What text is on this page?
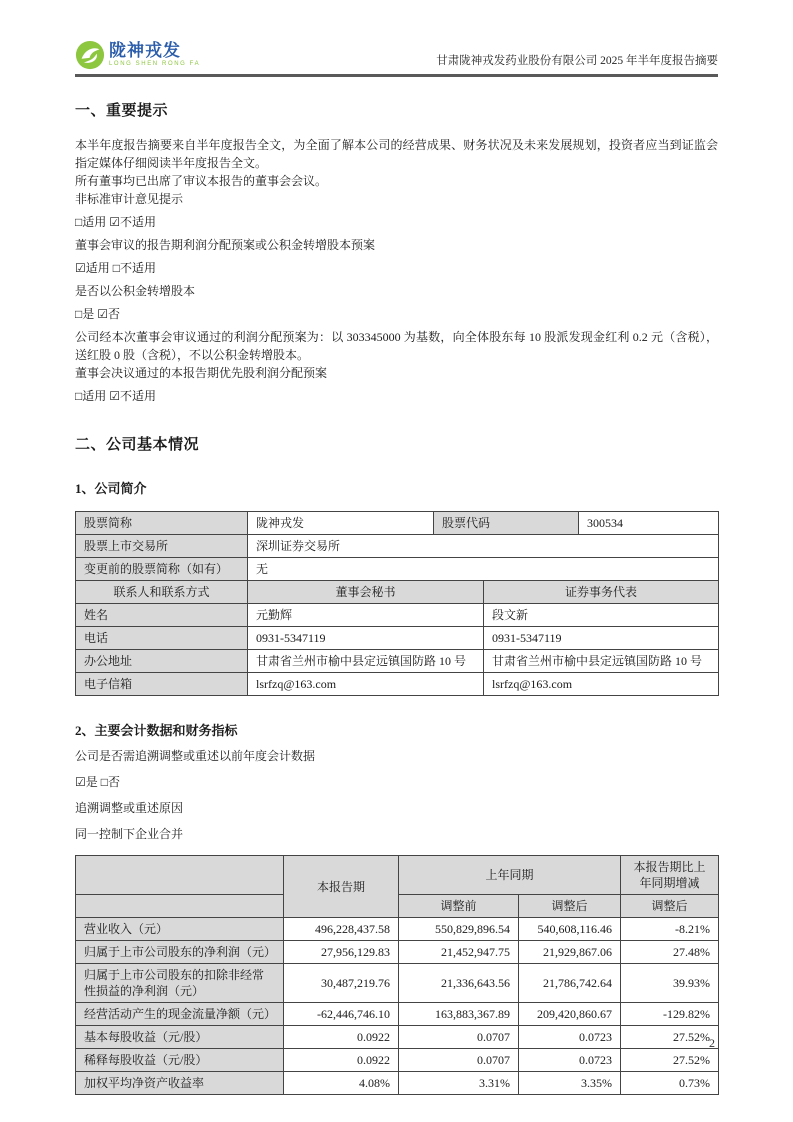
陇神戎发
LONG SHEN RONG FA	甘肃陇神戎发药业股份有限公司 2025 年半年度报告摘要
一、重要提示
本半年度报告摘要来自半年度报告全文，为全面了解本公司的经营成果、财务状况及未来发展规划，投资者应当到证监会指定媒体仔细阅读半年度报告全文。
所有董事均已出席了审议本报告的董事会会议。
非标准审计意见提示
□适用 ☑不适用
董事会审议的报告期利润分配预案或公积金转增股本预案
☑适用 □不适用
是否以公积金转增股本
□是 ☑否
公司经本次董事会审议通过的利润分配预案为：以 303345000 为基数，向全体股东每 10 股派发现金红利 0.2 元（含税），送红股 0 股（含税），不以公积金转增股本。
董事会决议通过的本报告期优先股利润分配预案
□适用 ☑不适用
二、公司基本情况
1、公司简介
股票简称	陇神戎发	股票代码		300534
股票上市交易所	深圳证券交易所			
变更前的股票简称（如有）	无			
联系人和联系方式	董事会秘书		证券事务代表	
姓名	元勤辉		段文新	
电话	0931-5347119		0931-5347119	
办公地址	甘肃省兰州市榆中县定远镇国防路 10 号		甘肃省兰州市榆中县定远镇国防路 10 号	
电子信箱	lsrfzq@163.com		lsrfzq@163.com	
2、主要会计数据和财务指标
公司是否需追溯调整或重述以前年度会计数据
☑是 □否
追溯调整或重述原因
同一控制下企业合并
	本报告期	上年同期		本报告期比上年同期增减
		调整前	调整后	调整后
营业收入（元）	496,228,437.58	550,829,896.54	540,608,116.46	-8.21%
归属于上市公司股东的净利润（元）	27,956,129.83	21,452,947.75	21,929,867.06	27.48%
归属于上市公司股东的扣除非经常性损益的净利润（元）	30,487,219.76	21,336,643.56	21,786,742.64	39.93%
经营活动产生的现金流量净额（元）	-62,446,746.10	163,883,367.89	209,420,860.67	-129.82%
基本每股收益（元/股）	0.0922	0.0707	0.0723	27.52%
稀释每股收益（元/股）	0.0922	0.0707	0.0723	27.52%
加权平均净资产收益率	4.08%	3.31%	3.35%	0.73%
2
